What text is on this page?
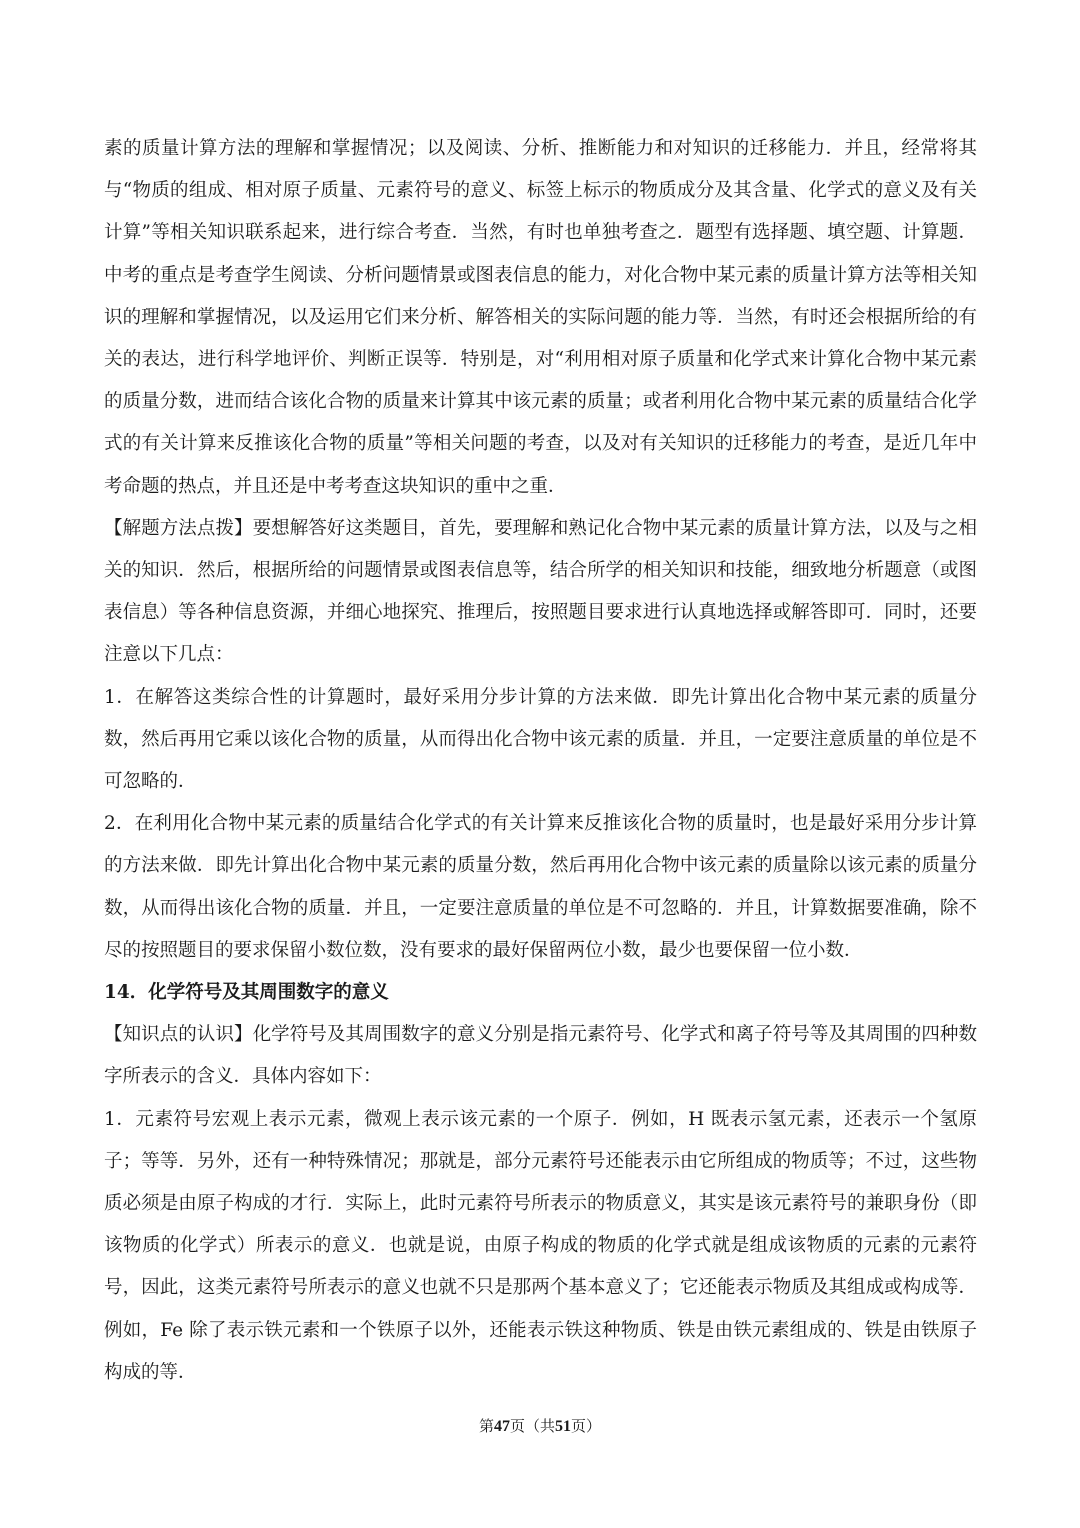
素的质量计算方法的理解和掌握情况；以及阅读、分析、推断能力和对知识的迁移能力．并且，经常将其与“物质的组成、相对原子质量、元素符号的意义、标签上标示的物质成分及其含量、化学式的意义及有关计算”等相关知识联系起来，进行综合考查．当然，有时也单独考查之．题型有选择题、填空题、计算题．中考的重点是考查学生阅读、分析问题情景或图表信息的能力，对化合物中某元素的质量计算方法等相关知识的理解和掌握情况，以及运用它们来分析、解答相关的实际问题的能力等．当然，有时还会根据所给的有关的表达，进行科学地评价、判断正误等．特别是，对“利用相对原子质量和化学式来计算化合物中某元素的质量分数，进而结合该化合物的质量来计算其中该元素的质量；或者利用化合物中某元素的质量结合化学式的有关计算来反推该化合物的质量”等相关问题的考查，以及对有关知识的迁移能力的考查，是近几年中考命题的热点，并且还是中考考查这块知识的重中之重．

【解题方法点拨】要想解答好这类题目，首先，要理解和熟记化合物中某元素的质量计算方法，以及与之相关的知识．然后，根据所给的问题情景或图表信息等，结合所学的相关知识和技能，细致地分析题意（或图表信息）等各种信息资源，并细心地探究、推理后，按照题目要求进行认真地选择或解答即可．同时，还要注意以下几点：

1．在解答这类综合性的计算题时，最好采用分步计算的方法来做．即先计算出化合物中某元素的质量分数，然后再用它乘以该化合物的质量，从而得出化合物中该元素的质量．并且，一定要注意质量的单位是不可忽略的．

2．在利用化合物中某元素的质量结合化学式的有关计算来反推该化合物的质量时，也是最好采用分步计算的方法来做．即先计算出化合物中某元素的质量分数，然后再用化合物中该元素的质量除以该元素的质量分数，从而得出该化合物的质量．并且，一定要注意质量的单位是不可忽略的．并且，计算数据要准确，除不尽的按照题目的要求保留小数位数，没有要求的最好保留两位小数，最少也要保留一位小数．

14．化学符号及其周围数字的意义

【知识点的认识】化学符号及其周围数字的意义分别是指元素符号、化学式和离子符号等及其周围的四种数字所表示的含义．具体内容如下：

1．元素符号宏观上表示元素，微观上表示该元素的一个原子．例如，H 既表示氢元素，还表示一个氢原子；等等．另外，还有一种特殊情况；那就是，部分元素符号还能表示由它所组成的物质等；不过，这些物质必须是由原子构成的才行．实际上，此时元素符号所表示的物质意义，其实是该元素符号的兼职身份（即该物质的化学式）所表示的意义．也就是说，由原子构成的物质的化学式就是组成该物质的元素的元素符号，因此，这类元素符号所表示的意义也就不只是那两个基本意义了；它还能表示物质及其组成或构成等．例如，Fe 除了表示铁元素和一个铁原子以外，还能表示铁这种物质、铁是由铁元素组成的、铁是由铁原子构成的等．

第47页（共51页）
